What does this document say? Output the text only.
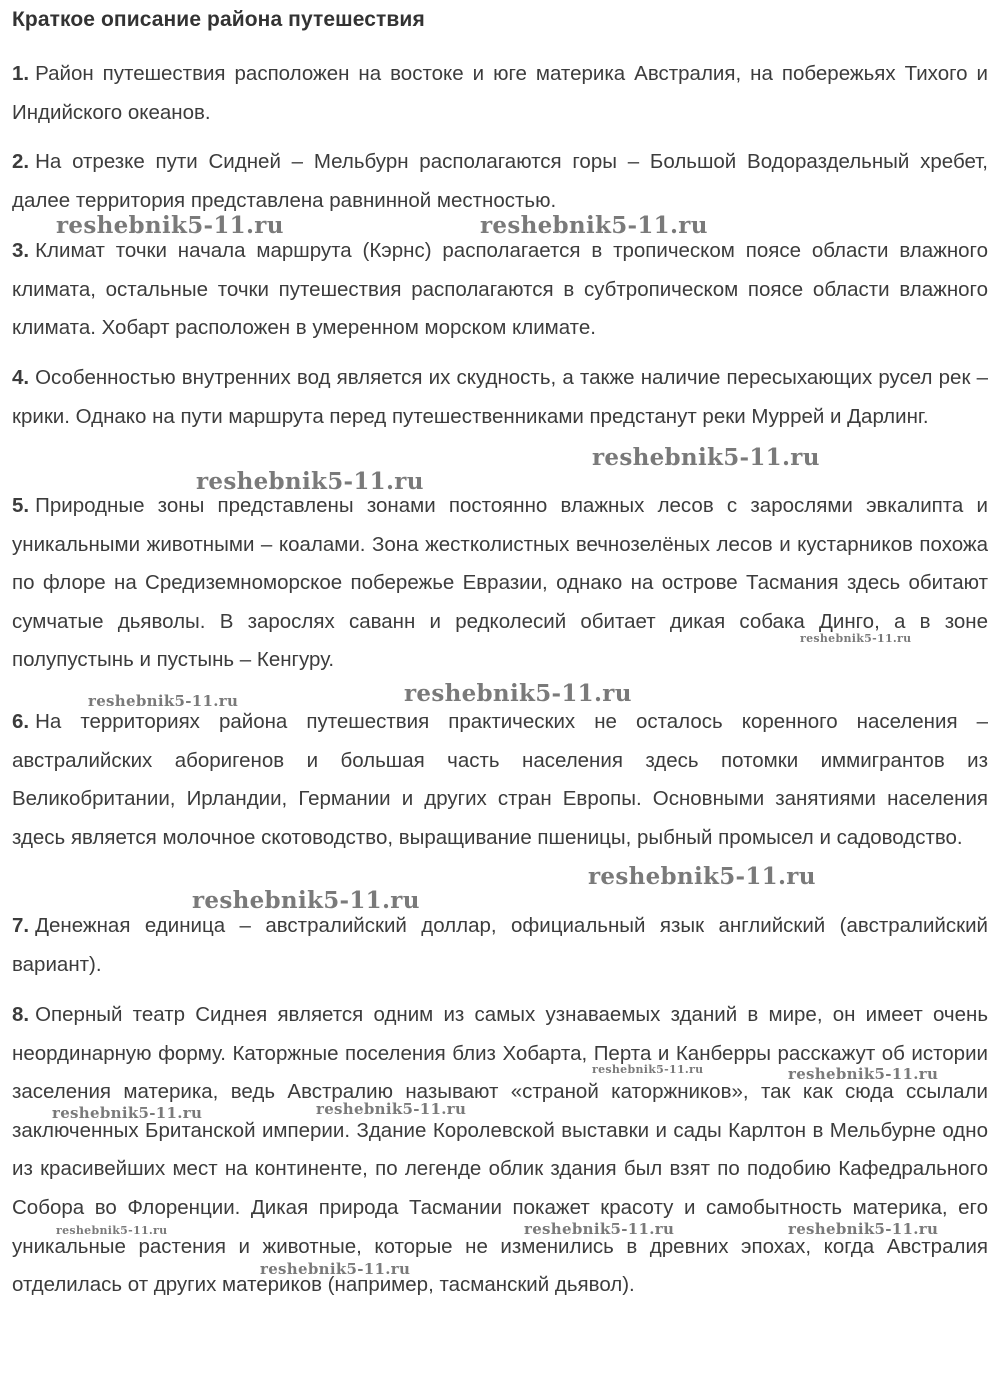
Краткое описание района путешествия

1. Район путешествия расположен на востоке и юге материка Австралия, на побережьях Тихого и Индийского океанов.

2. На отрезке пути Сидней – Мельбурн располагаются горы – Большой Водораздельный хребет, далее территория представлена равнинной местностью.

3. Климат точки начала маршрута (Кэрнс) располагается в тропическом поясе области влажного климата, остальные точки путешествия располагаются в субтропическом поясе области влажного климата. Хобарт расположен в умеренном морском климате.

4. Особенностью внутренних вод является их скудность, а также наличие пересыхающих русел рек – крики. Однако на пути маршрута перед путешественниками предстанут реки Муррей и Дарлинг.

5. Природные зоны представлены зонами постоянно влажных лесов с зарослями эвкалипта и уникальными животными – коалами. Зона жестколистных вечнозелёных лесов и кустарников похожа по флоре на Средиземноморское побережье Евразии, однако на острове Тасмания здесь обитают сумчатые дьяволы. В зарослях саванн и редколесий обитает дикая собака Динго, а в зоне полупустынь и пустынь – Кенгуру.

6. На территориях района путешествия практических не осталось коренного населения – австралийских аборигенов и большая часть населения здесь потомки иммигрантов из Великобритании, Ирландии, Германии и других стран Европы. Основными занятиями населения здесь является молочное скотоводство, выращивание пшеницы, рыбный промысел и садоводство.

7. Денежная единица – австралийский доллар, официальный язык английский (австралийский вариант).

8. Оперный театр Сиднея является одним из самых узнаваемых зданий в мире, он имеет очень неординарную форму. Каторжные поселения близ Хобарта, Перта и Канберры расскажут об истории заселения материка, ведь Австралию называют «страной каторжников», так как сюда ссылали заключенных Британской империи. Здание Королевской выставки и сады Карлтон в Мельбурне одно из красивейших мест на континенте, по легенде облик здания был взят по подобию Кафедрального Собора во Флоренции. Дикая природа Тасмании покажет красоту и самобытность материка, его уникальные растения и животные, которые не изменились в древних эпохах, когда Австралия отделилась от других материков (например, тасманский дьявол).

reshebnik5-11.ru	reshebnik5-11.ru
reshebnik5-11.ru
reshebnik5-11.ru
reshebnik5-11.ru
reshebnik5-11.ru	reshebnik5-11.ru
reshebnik5-11.ru
reshebnik5-11.ru
reshebnik5-11.ru	reshebnik5-11.ru
reshebnik5-11.ru	reshebnik5-11.ru
reshebnik5-11.ru	reshebnik5-11.ru	reshebnik5-11.ru
reshebnik5-11.ru
